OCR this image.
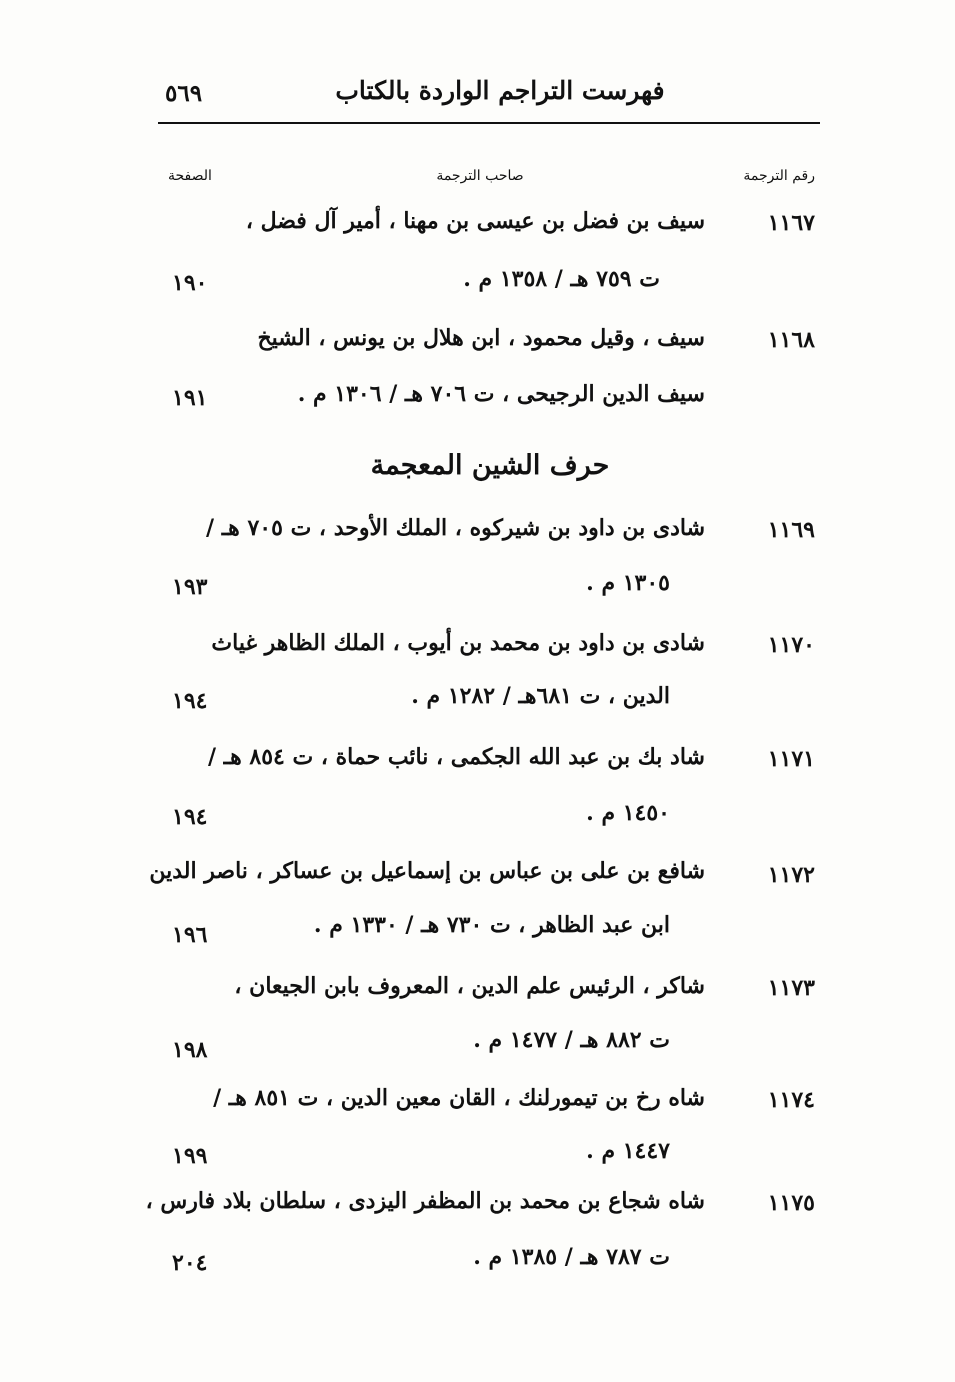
فهرست التراجم الواردة بالكتاب
٥٦٩
رقم الترجمة
صاحب الترجمة
الصفحة
١١٦٧
سيف بن فضل بن عيسى بن مهنا ، أمير آل فضل ،
ت ٧٥٩ هـ / ١٣٥٨ م .
١٩٠
١١٦٨
سيف ، وقيل محمود ، ابن هلال بن يونس ، الشيخ
سيف الدين الرجيحى ، ت ٧٠٦ هـ / ١٣٠٦ م .
١٩١
حرف الشين المعجمة
١١٦٩
شادى بن داود بن شيركوه ، الملك الأوحد ، ت ٧٠٥ هـ /
١٣٠٥ م .
١٩٣
١١٧٠
شادى بن داود بن محمد بن أيوب ، الملك الظاهر غياث
الدين ، ت ٦٨١هـ / ١٢٨٢ م .
١٩٤
١١٧١
شاد بك بن عبد الله الجكمى ، نائب حماة ، ت ٨٥٤ هـ /
١٤٥٠ م .
١٩٤
١١٧٢
شافع بن على بن عباس بن إسماعيل بن عساكر ، ناصر الدين
ابن عبد الظاهر ، ت ٧٣٠ هـ / ١٣٣٠ م .
١٩٦
١١٧٣
شاكر ، الرئيس علم الدين ، المعروف بابن الجيعان ،
ت ٨٨٢ هـ / ١٤٧٧ م .
١٩٨
١١٧٤
شاه رخ بن تيمورلنك ، القان معين الدين ، ت ٨٥١ هـ /
١٤٤٧ م .
١٩٩
١١٧٥
شاه شجاع بن محمد بن المظفر اليزدى ، سلطان بلاد فارس ،
ت ٧٨٧ هـ / ١٣٨٥ م .
٢٠٤
